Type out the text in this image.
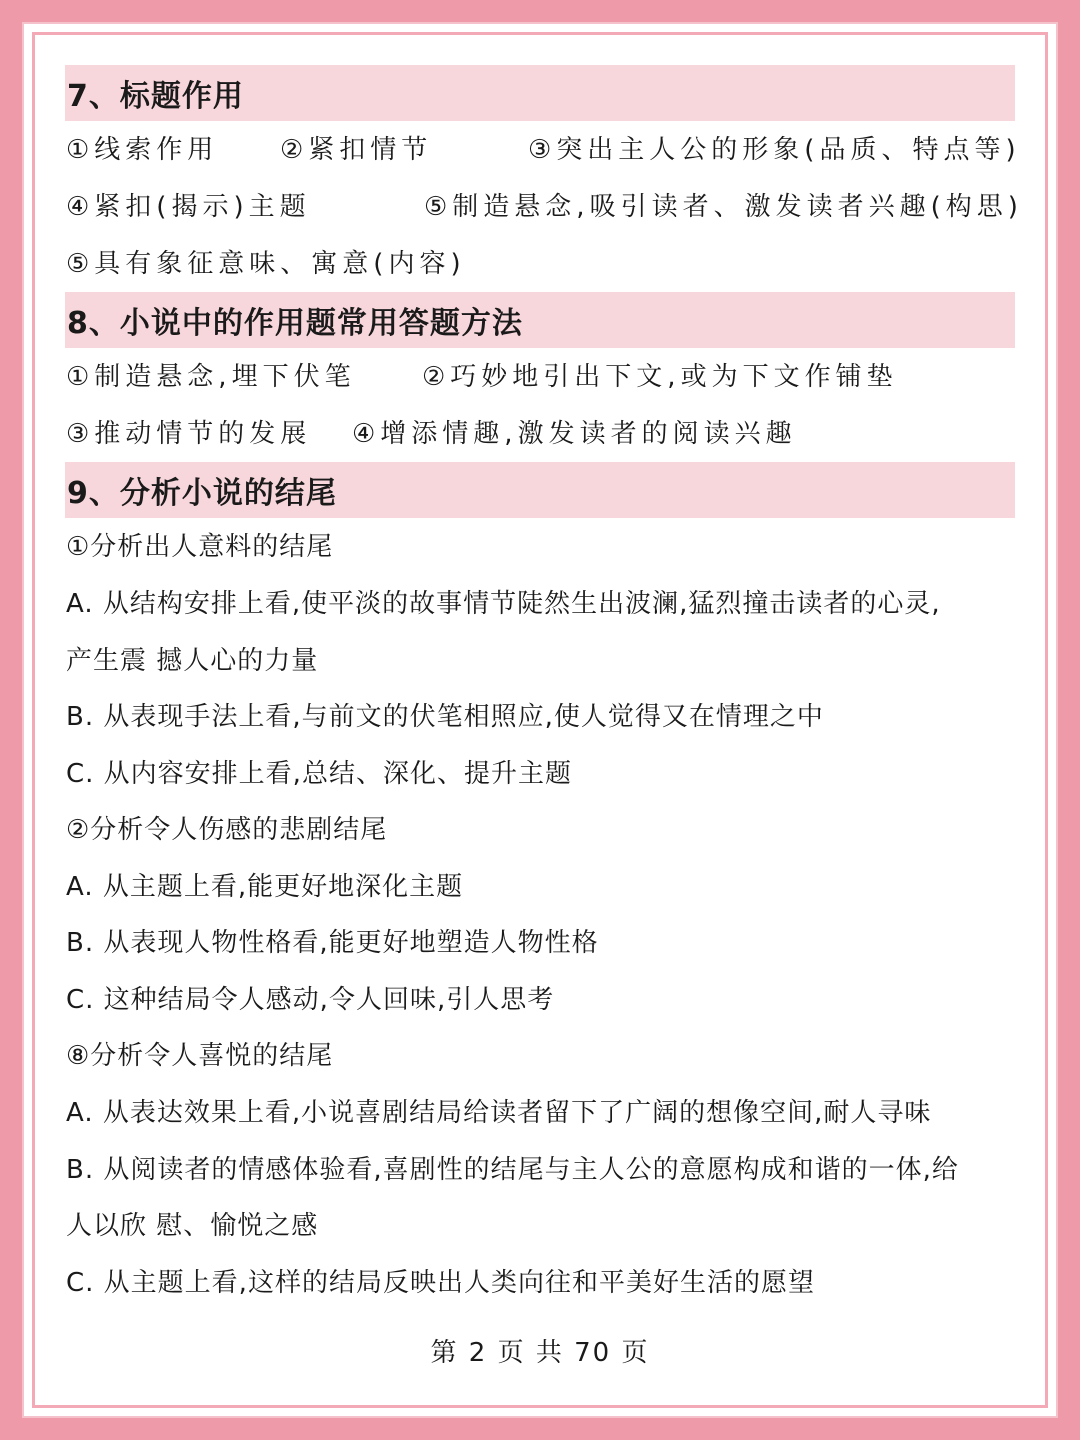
7、标题作用
①线索作用 ②紧扣情节	③突出主人公的形象(品质、特点等)
④紧扣(揭示)主题	⑤制造悬念,吸引读者、激发读者兴趣(构思)
⑤具有象征意味、寓意(内容)
8、小说中的作用题常用答题方法
①制造悬念,埋下伏笔	②巧妙地引出下文,或为下文作铺垫
③推动情节的发展 ④增添情趣,激发读者的阅读兴趣
9、分析小说的结尾
①分析出人意料的结尾
A. 从结构安排上看,使平淡的故事情节陡然生出波澜,猛烈撞击读者的心灵,
产生震 撼人心的力量
B. 从表现手法上看,与前文的伏笔相照应,使人觉得又在情理之中
C. 从内容安排上看,总结、深化、提升主题
②分析令人伤感的悲剧结尾
A. 从主题上看,能更好地深化主题
B. 从表现人物性格看,能更好地塑造人物性格
C. 这种结局令人感动,令人回味,引人思考
⑧分析令人喜悦的结尾
A. 从表达效果上看,小说喜剧结局给读者留下了广阔的想像空间,耐人寻味
B. 从阅读者的情感体验看,喜剧性的结尾与主人公的意愿构成和谐的一体,给
人以欣 慰、愉悦之感
C. 从主题上看,这样的结局反映出人类向往和平美好生活的愿望
第 2 页 共 70 页
